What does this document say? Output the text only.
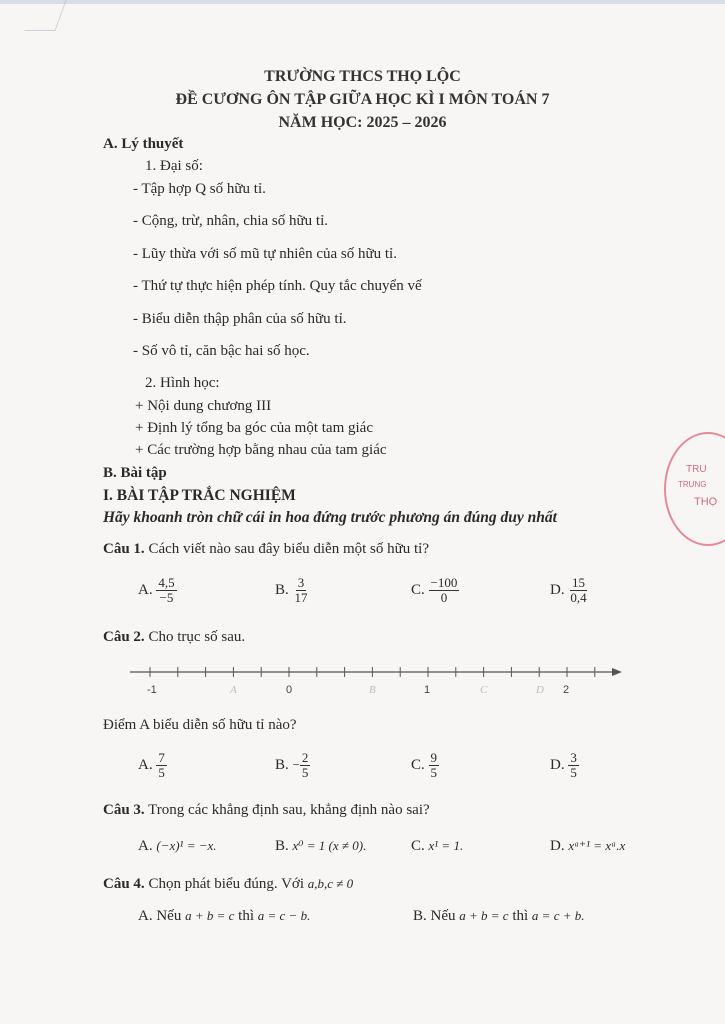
TRƯỜNG THCS THỌ LỘC
ĐỀ CƯƠNG ÔN TẬP GIỮA HỌC KÌ I MÔN TOÁN 7
NĂM HỌC: 2025 – 2026
A. Lý thuyết
1. Đại số:
- Tập hợp Q số hữu tỉ.
- Cộng, trừ, nhân, chia số hữu tỉ.
- Lũy thừa với số mũ tự nhiên của số hữu tỉ.
- Thứ tự thực hiện phép tính. Quy tắc chuyển vế
- Biểu diễn thập phân của số hữu tỉ.
- Số vô tỉ, căn bậc hai số học.
2. Hình học:
+ Nội dung chương III
+ Định lý tổng ba góc của một tam giác
+ Các trường hợp bằng nhau của tam giác
B. Bài tập
I. BÀI TẬP TRẮC NGHIỆM
Hãy khoanh tròn chữ cái in hoa đứng trước phương án đúng duy nhất
Câu 1. Cách viết nào sau đây biểu diễn một số hữu tỉ?
A. $\frac{4,5}{-5}$	B. $\frac{3}{17}$	C. $\frac{-100}{0}$	D. $\frac{15}{0,4}$
Câu 2. Cho trục số sau.
-1	0	1	2
A	B	C	D
Điểm A biểu diễn số hữu tỉ nào?
A. $\frac{7}{5}$	B. − $\frac{2}{5}$	C. $\frac{9}{5}$	D. $\frac{3}{5}$
Câu 3. Trong các khẳng định sau, khẳng định nào sai?
A. (−x)¹ = −x.	B. x⁰ = 1 (x ≠ 0).	C. x¹ = 1.	D. xᵃ⁺¹ = xᵃ.x
Câu 4. Chọn phát biểu đúng. Với a,b,c ≠ 0
A. Nếu a + b = c thì a = c − b.	B. Nếu a + b = c thì a = c + b.
TRU
TRUNG
THỌ
